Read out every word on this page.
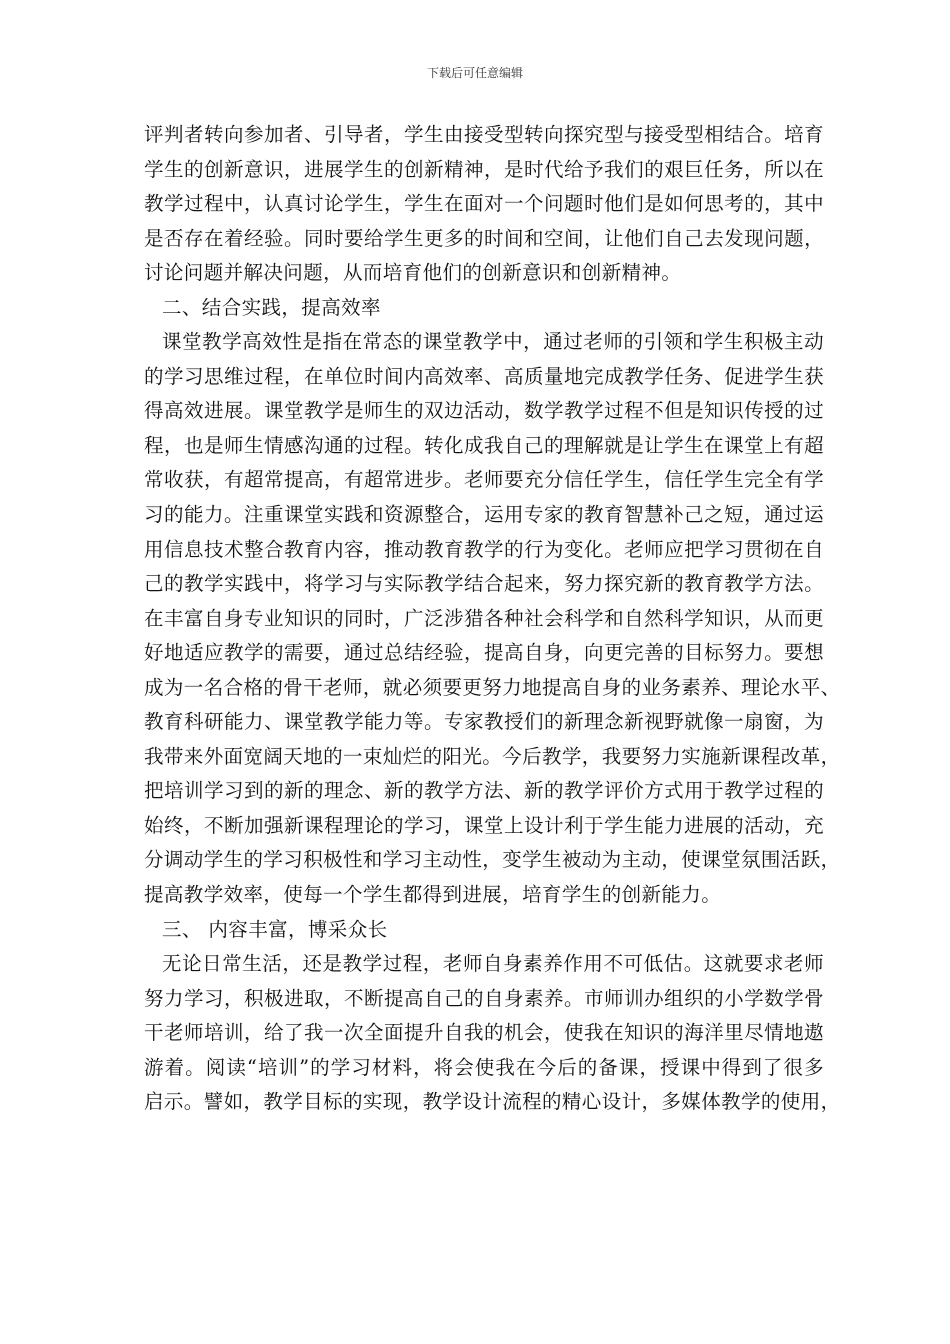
下载后可任意编辑
评判者转向参加者、引导者，学生由接受型转向探究型与接受型相结合。培育
学生的创新意识，进展学生的创新精神，是时代给予我们的艰巨任务，所以在
教学过程中，认真讨论学生，学生在面对一个问题时他们是如何思考的，其中
是否存在着经验。同时要给学生更多的时间和空间，让他们自己去发现问题，
讨论问题并解决问题，从而培育他们的创新意识和创新精神。
二、结合实践，提高效率
课堂教学高效性是指在常态的课堂教学中，通过老师的引领和学生积极主动
的学习思维过程，在单位时间内高效率、高质量地完成教学任务、促进学生获
得高效进展。课堂教学是师生的双边活动，数学教学过程不但是知识传授的过
程，也是师生情感沟通的过程。转化成我自己的理解就是让学生在课堂上有超
常收获，有超常提高，有超常进步。老师要充分信任学生，信任学生完全有学
习的能力。注重课堂实践和资源整合，运用专家的教育智慧补己之短，通过运
用信息技术整合教育内容，推动教育教学的行为变化。老师应把学习贯彻在自
己的教学实践中，将学习与实际教学结合起来，努力探究新的教育教学方法。
在丰富自身专业知识的同时，广泛涉猎各种社会科学和自然科学知识，从而更
好地适应教学的需要，通过总结经验，提高自身，向更完善的目标努力。要想
成为一名合格的骨干老师，就必须要更努力地提高自身的业务素养、理论水平、
教育科研能力、课堂教学能力等。专家教授们的新理念新视野就像一扇窗，为
我带来外面宽阔天地的一束灿烂的阳光。今后教学，我要努力实施新课程改革，
把培训学习到的新的理念、新的教学方法、新的教学评价方式用于教学过程的
始终，不断加强新课程理论的学习，课堂上设计利于学生能力进展的活动，充
分调动学生的学习积极性和学习主动性，变学生被动为主动，使课堂氛围活跃，
提高教学效率，使每一个学生都得到进展，培育学生的创新能力。
三、 内容丰富，博采众长
无论日常生活，还是教学过程，老师自身素养作用不可低估。这就要求老师
努力学习，积极进取，不断提高自己的自身素养。市师训办组织的小学数学骨
干老师培训，给了我一次全面提升自我的机会，使我在知识的海洋里尽情地遨
游着。阅读“培训”的学习材料，将会使我在今后的备课，授课中得到了很多
启示。譬如，教学目标的实现，教学设计流程的精心设计，多媒体教学的使用，
